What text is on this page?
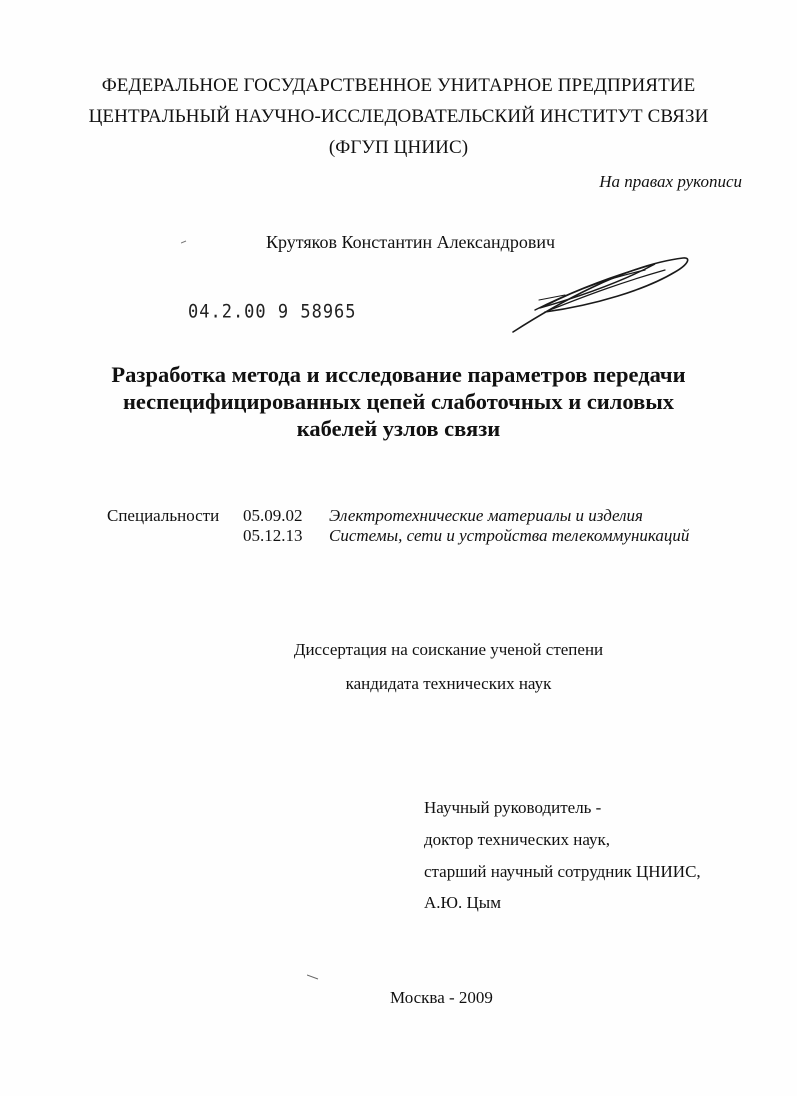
ФЕДЕРАЛЬНОЕ ГОСУДАРСТВЕННОЕ УНИТАРНОЕ ПРЕДПРИЯТИЕ
ЦЕНТРАЛЬНЫЙ НАУЧНО-ИССЛЕДОВАТЕЛЬСКИЙ ИНСТИТУТ СВЯЗИ
(ФГУП ЦНИИС)
На правах рукописи
Крутяков Константин Александрович
04.2.00 9 58965
Разработка метода и исследование параметров передачи
неспецифицированных цепей слаботочных и силовых
кабелей узлов связи
Специальности 05.09.02 Электротехнические материалы и изделия
05.12.13 Системы, сети и устройства телекоммуникаций
Диссертация на соискание ученой степени
кандидата технических наук
Научный руководитель -
доктор технических наук,
старший научный сотрудник ЦНИИС,
А.Ю. Цым
Москва - 2009
